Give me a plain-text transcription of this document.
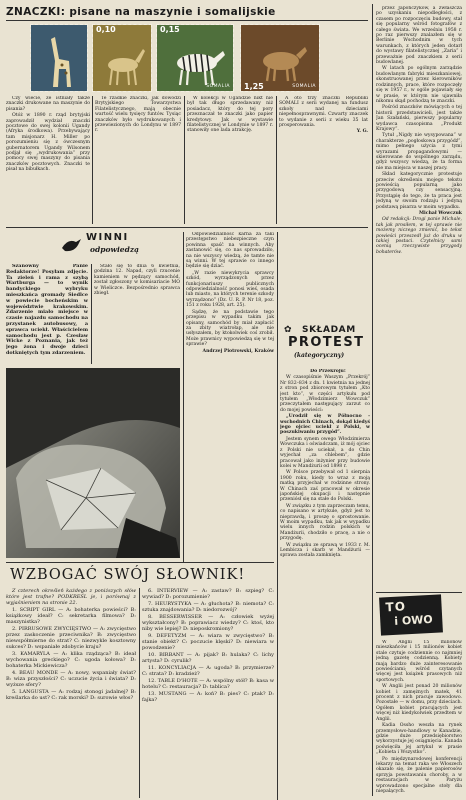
ZNACZKI: pisane na maszynie i somalijskie
0,10	0,15
SOMALIA 1,25	SOMALIA

Czy wiecie, że istniały także znaczki drukowane na maszynie do pisania?

Otóż w 1890 r. rząd brytyjski zaprowadził wydział znaczki pocztowe do swej kolonii Ugandy (Afryka środkowa). Przebywający tam misjonarz H. Miller po porozumieniu się z ówczesnym gubernatorem Ugandy Wilsonem podjął się „wydrukowania” przy pomocy swej maszyny do pisania znaczków pocztowych. Znaczki te pisał na bibułkach.

Te rzadkie znaczki, jak dowodzi Brytyjskiego Towarzystwa Filatelistycznego, mają obecnie wartość wielu tysięcy funtów. Tysiąc znaczków było wydrukowanych i przewiezionych do Londynu w 1897 r.

W kolekcji w Ugandzie nikt nie był tak długo sprzedawany niż posiadacz, który do tej pory przeznaczał te znaczki jako papier kredytowy. Jak w wystawie filatelistycznej w Londynie w 1897 r. stanowiły one lada atrakcję.

A oto trzy znaczki Republiki SOMALI z serii wydanej na fundusz szkoły nad dzieciami niepełnosprawnymi. Czwarty znaczek to wydanie z serii z wieku 35 lat prosperowania.

Y. G.

przez Japończyków, a zwłaszcza po uzyskaniu niepodległości, z czasem po rozpoczęciu budowy, stał się popularny wśród fotografów z całego świata. We wrześniu 1958 r. po raz pierwszy znalazłem się w Berlinie Wschodnim w tych warunkach, z których jeden dotarł do wystawy filatelistycznej „Zaria” i przeważnie pod znaczkiem z serii budowlanej.

W latach po ogólnym zarządzie budowlanym fabryki mieszkaniowej, skonstruowanej przez kierowników rodzinnych, prace, które rozpoczęły się w 1957 r., w ogóle pojawiały się w prasie, w którym nie ujawniła nikomu skąd pochodzą te znaczki.

Pośród znaczków mówiących o tej historii przedstawicieli, jest także Jan Szałański, pierwszy popularny wydawca czasopisma „Produkt Krajowy”.

Tytuł „Nigdy nie wysypowana” w charakterze „pogłoskowa przygódź”, mimo pełnego użycia z tymi wyrazami propagandowymi — skierowane do wspólnego zarządu, gdyż wszyscy wiedzą, że ta forma nie ma miejsca w naszej pracy.

Skład kategorycznie protestuje przeciw określeniu mojego tekstu powieścią popularną jako przygodową czy sensacyjną. Przystąpię do tego, że ta praca jest jedyną w swoim rodzaju i jedyną podstawą pisarza w moim wypadku.

Michał Wowczuk

Od redakcji: Drogi panie Michale, tak jak prosiłem, w tej sprawie nie możemy niczego zmienić, bo tekst powieści przeszedł już do druku w takiej postaci. Czytelnicy sami ocenią rzeczywiste przygody bohaterów.

WINNI
odpowiedzą

Szanowny Panie Redaktorze! Posyłam zdjęcie. Ta zieleń i rama z szybą Wartburga — to wynik bandyckiego wybryku mieszkańca gromady Siedlce w powiecie bocheńskim w województwie krakowskim. Zdarzenie miało miejsce w czasie najazdu samochodu na przystanek autobusowy, a sprawca uciekł. Właścicielem samochodu jest p. Czesław Wicke z Poznania, jak też jego żona i dwoje dzieci dotkniętych tym zdarzeniem.

Stało się to dnia 6 kwietnia, godzina 12. Napad, czyli rzucenie kamieniem w pędzący samochód, został zgłoszony w komisariacie MO w Wieliczce. Bezpośrednio sprawca zbiegł.

Odpowiedzialność karna za taki przestępstwo niebezpieczne czyn powinna spaść na winnych. Aby zastanowić się, co nas sprowadziło, na nie wszyscy wiedzą, że tamte nie są winni. W tej sprawie co innego będzie się dziać.

„W razie niewykrycia sprawcy szkód, wyrządzonych przez funkcjonariuszy publicznych odpowiedzialność ponosi wieś, osada lub miasto, na których terenie szkody wyrządzono” (Dz. U. R. P. Nr 18, poz. 151 z roku 1928, art. 25).

Sądzę, że na podstawie tego przepisu w wypadku takim jak opisany, samochód by miał zapłacić za zbity wiatrołap, ale nie usłyszałem, by ktokolwiek coś zrobił. Może prawnicy wypowiedzą się w tej sprawie?

Andrzej Piotrowski, Kraków

SKŁADAM
✿
PROTEST
(kategoryczny)

Do Przekroju!

W czasopiśmie Waszym „Przekrój” Nr 832–834 z dn. 1 kwietnia na jednej z stron pod zbiorowym tytułem „Kto jest kto”, w części artykułu pod tytułem „Włodzimierz Wowczuk” przeczytałem następujący zarzut co do mojej powieści:

„Urodził się w Północno - wschodnich Chinach, dokąd kiedyś jego ojciec uciekł z Polski, w poszukiwaniu przygód”.

Jestem synem owego Włodzimierza Wowczuka i oświadczam, iż mój ojciec z Polski nie uciekał, a do Chin wyjechał „za chlebem”, gdzie pracował jako inżynier przy budowie kolei w Mandżurii od 1898 r.

W Polsce przebywał od 1 sierpnia 1900 roku, kiedy to wraz z moją matką przyjechał w rodzinne strony. W Chinach zaś pracował w okresie japońskiej okupacji i następnie przeniósł się na stałe do Polski.

W związku z tym zaprzeczam temu, co napisano w artykule, gdyż jest to nieprawdą, i proszę o sprostowanie. W moim wypadku, tak jak w wypadku wielu innych rodzin polskich w Mandżurii, chodziło o pracę, a nie o przygodę.

W związku ze sprawą w 1933 r. M. Lembicza i skarb w Mandżurii — sprawa została zamknięta.

TO
i OWO

W Anglii 15 milionów mieszkańców i 15 milionów kobiet stale czytuje codziennie co najmniej jedną gazetę codzienną. Kobiety mają bardzo duże zainteresowanie powieściami; wśród czytanych więcej jest książek prasowych niż sportowych.

W Anglii jest ponad 20 milionów kobiet i zamężnych matek, 41 procent z nich pracuje zawodowo. Pozostałe — w domu, przy dzieciach. Ogółem kobiet pracujących jest więcej niż kiedykolwiek przedtem w Anglii.

Kadia Ossho weszła na rynek przemysłowo-handlowy w Kanadzie, gdzie duże przedsiębiorstwo wykorzystuje jej osiągnięcia. Kanada poświęciła jej artykuł w prasie „Kobieta i Wszystko”.

Po międzynarodowej konferencji lekarzy na temat raka we Włoszech okazało się, że palenie papierosów sprzyja powstawaniu choroby, a w restauracjach w Paryżu wprowadzono specjalne stoły dla niepalących.

WZBOGAĆ SWÓJ SŁOWNIK!

Z czterech określeń każdego z poniższych słów które jest trafne? PODKREŚL je, i porównaj z wyjaśnieniem na stronie 22.

1. SCRIPT GIRL — A: bohaterka powieści? B: książkowy ideał? C: sekretarka filmowa? D: maszynistka?

2. PIRRUSOWE ZWYCIĘSTWO — A: zwycięstwo przez zaskoczenie przeciwnika? B: zwycięstwo niewspółmierne do strat? C: niezwykle kosztowny sukces? D: wspaniałe zdobycie kraju?

3. KAMARYLA — A: klika rządząca? B: ideał wychowania greckiego? C: ugoda kołowa? D: bohaterka Mickiewicza?

4. BEAU MONDE — A: nowy, wspaniały świat? B: wiza przyszłości? C: uczucie życia i świata? D: wyższe sfery?

5. LANGUSTA — A: rodzaj stonogi jadalnej? B: kreślarka do ust? C: rak morski? D: surowie włos?

6. INTERVIEW — A: zastaw? B: szpieg? C: wywiad? D: porozumienie?

7. HEURYSTYKA — A: głuchota? B: niemota? C: sztuka znajdowania? D: niedorozwój?

8. BESSERWISSER — A: człowiek wyżej wykształcony? B: poprawiacz wiedzy? C: ktoś, kto niby wie lepiej? D: nieposkromiony?

9. DEFETYZM — A: wiara w zwycięstwo? B: stanie obiekt? C: poczucie klęski? D: niewiara w powodzenie?

10. BIRBANT — A: pijak? B: hulaka? C: lichy artysta? D: cyrulik?

11. KONCYLIACJA — A: ugoda? B: przymierze? C: strata? D: kradzież?

12. TABLE D'HOTE — A: wspólny stół? B: kasa w hotelu? C: restauracja? D: tablica?

13. MUSTANG — A: koń? B: pies? C: ptak? D: fajka?
